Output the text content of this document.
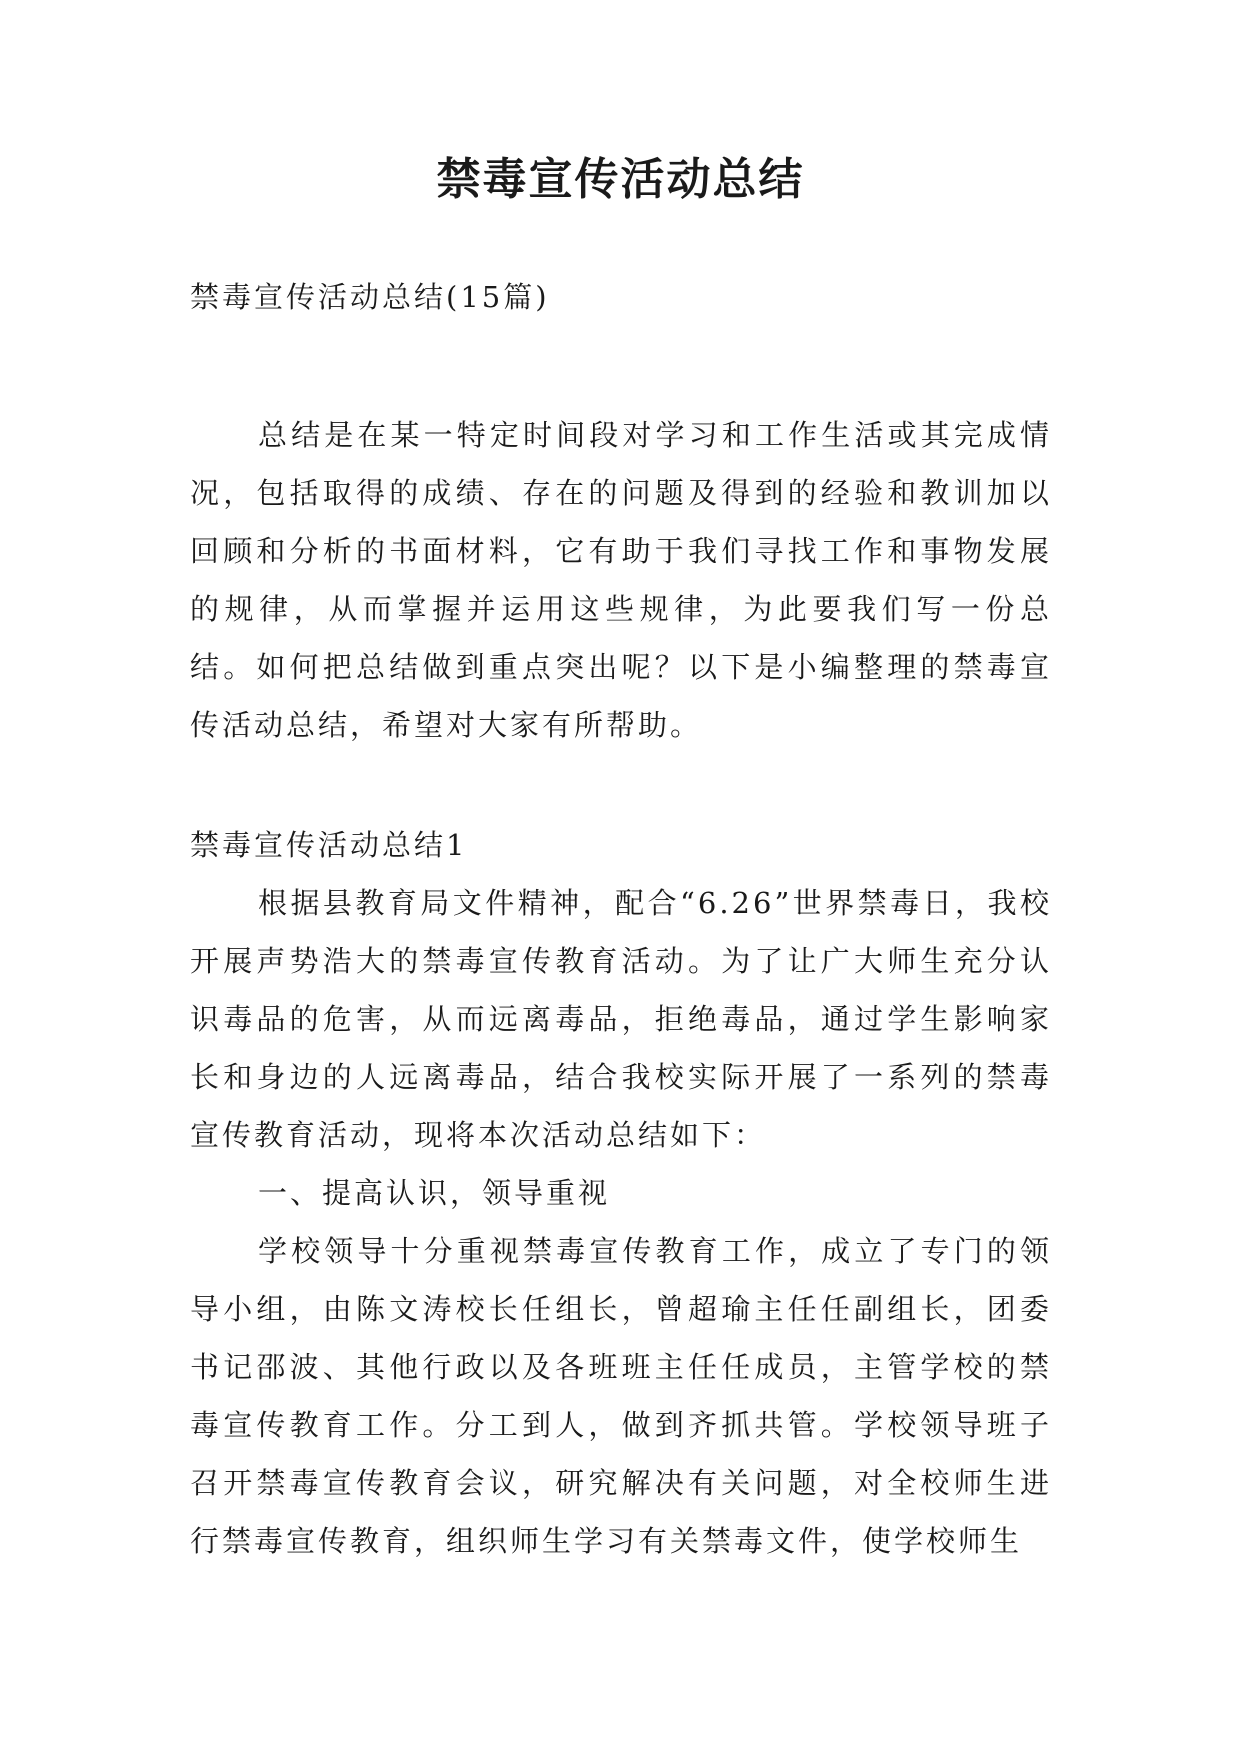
禁毒宣传活动总结

禁毒宣传活动总结(15篇)

总结是在某一特定时间段对学习和工作生活或其完成情况，包括取得的成绩、存在的问题及得到的经验和教训加以回顾和分析的书面材料，它有助于我们寻找工作和事物发展的规律，从而掌握并运用这些规律，为此要我们写一份总结。如何把总结做到重点突出呢？以下是小编整理的禁毒宣传活动总结，希望对大家有所帮助。

禁毒宣传活动总结1

根据县教育局文件精神，配合“6.26”世界禁毒日，我校开展声势浩大的禁毒宣传教育活动。为了让广大师生充分认识毒品的危害，从而远离毒品，拒绝毒品，通过学生影响家长和身边的人远离毒品，结合我校实际开展了一系列的禁毒宣传教育活动，现将本次活动总结如下：

一、提高认识，领导重视

学校领导十分重视禁毒宣传教育工作，成立了专门的领导小组，由陈文涛校长任组长，曾超瑜主任任副组长，团委书记邵波、其他行政以及各班班主任任成员，主管学校的禁毒宣传教育工作。分工到人，做到齐抓共管。学校领导班子召开禁毒宣传教育会议，研究解决有关问题，对全校师生进行禁毒宣传教育，组织师生学习有关禁毒文件，使学校师生
